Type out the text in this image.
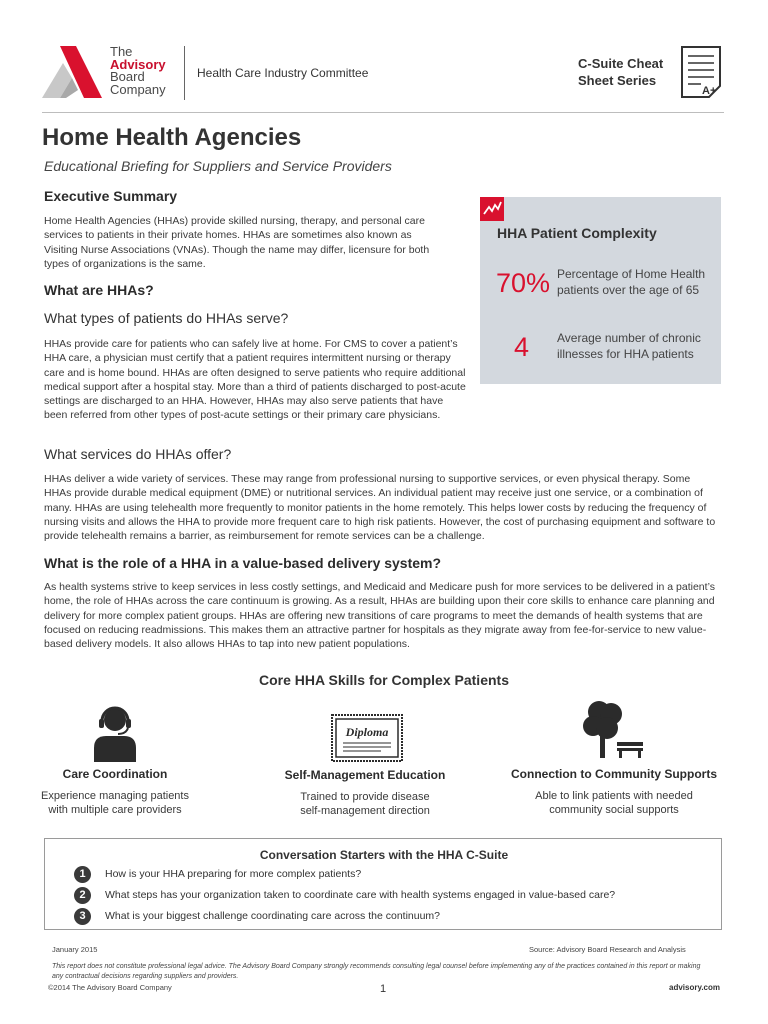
The
Advisory
Board
Company
Health Care Industry Committee
C-Suite Cheat
Sheet Series
A+
Home Health Agencies
Educational Briefing for Suppliers and Service Providers
Executive Summary
Home Health Agencies (HHAs) provide skilled nursing, therapy, and personal care services to patients in their private homes. HHAs are sometimes also known as Visiting Nurse Associations (VNAs). Though the name may differ, licensure for both types of organizations is the same.
What are HHAs?
What types of patients do HHAs serve?
HHAs provide care for patients who can safely live at home. For CMS to cover a patient’s HHA care, a physician must certify that a patient requires intermittent nursing or therapy care and is home bound. HHAs are often designed to serve patients who require additional medical support after a hospital stay. More than a third of patients discharged to post-acute settings are discharged to an HHA. However, HHAs may also serve patients that have been referred from other types of post-acute settings or their primary care physicians.
What services do HHAs offer?
HHAs deliver a wide variety of services. These may range from professional nursing to supportive services, or even physical therapy. Some HHAs provide durable medical equipment (DME) or nutritional services. An individual patient may receive just one service, or a combination of many. HHAs are using telehealth more frequently to monitor patients in the home remotely. This helps lower costs by reducing the frequency of nursing visits and allows the HHA to provide more frequent care to high risk patients. However, the cost of purchasing equipment and software to provide telehealth remains a barrier, as reimbursement for remote services can be a challenge.
What is the role of a HHA in a value-based delivery system?
As health systems strive to keep services in less costly settings, and Medicaid and Medicare push for more services to be delivered in a patient’s home, the role of HHAs across the care continuum is growing. As a result, HHAs are building upon their core skills to enhance care planning and delivery for more complex patient groups. HHAs are offering new transitions of care programs to meet the demands of health systems that are focused on reducing readmissions. This makes them an attractive partner for hospitals as they migrate away from fee-for-service to new value-based delivery models. It also allows HHAs to tap into new patient populations.
HHA Patient Complexity
70% Percentage of Home Health patients over the age of 65
4 Average number of chronic illnesses for HHA patients
Core HHA Skills for Complex Patients
Diploma
Care Coordination
Experience managing patients with multiple care providers
Self-Management Education
Trained to provide disease self-management direction
Connection to Community Supports
Able to link patients with needed community social supports
Conversation Starters with the HHA C-Suite
1	How is your HHA preparing for more complex patients?
2	What steps has your organization taken to coordinate care with health systems engaged in value-based care?
3	What is your biggest challenge coordinating care across the continuum?
January 2015	Source: Advisory Board Research and Analysis
This report does not constitute professional legal advice. The Advisory Board Company strongly recommends consulting legal counsel before implementing any of the practices contained in this report or making any contractual decisions regarding suppliers and providers.
©2014 The Advisory Board Company	1	advisory.com
